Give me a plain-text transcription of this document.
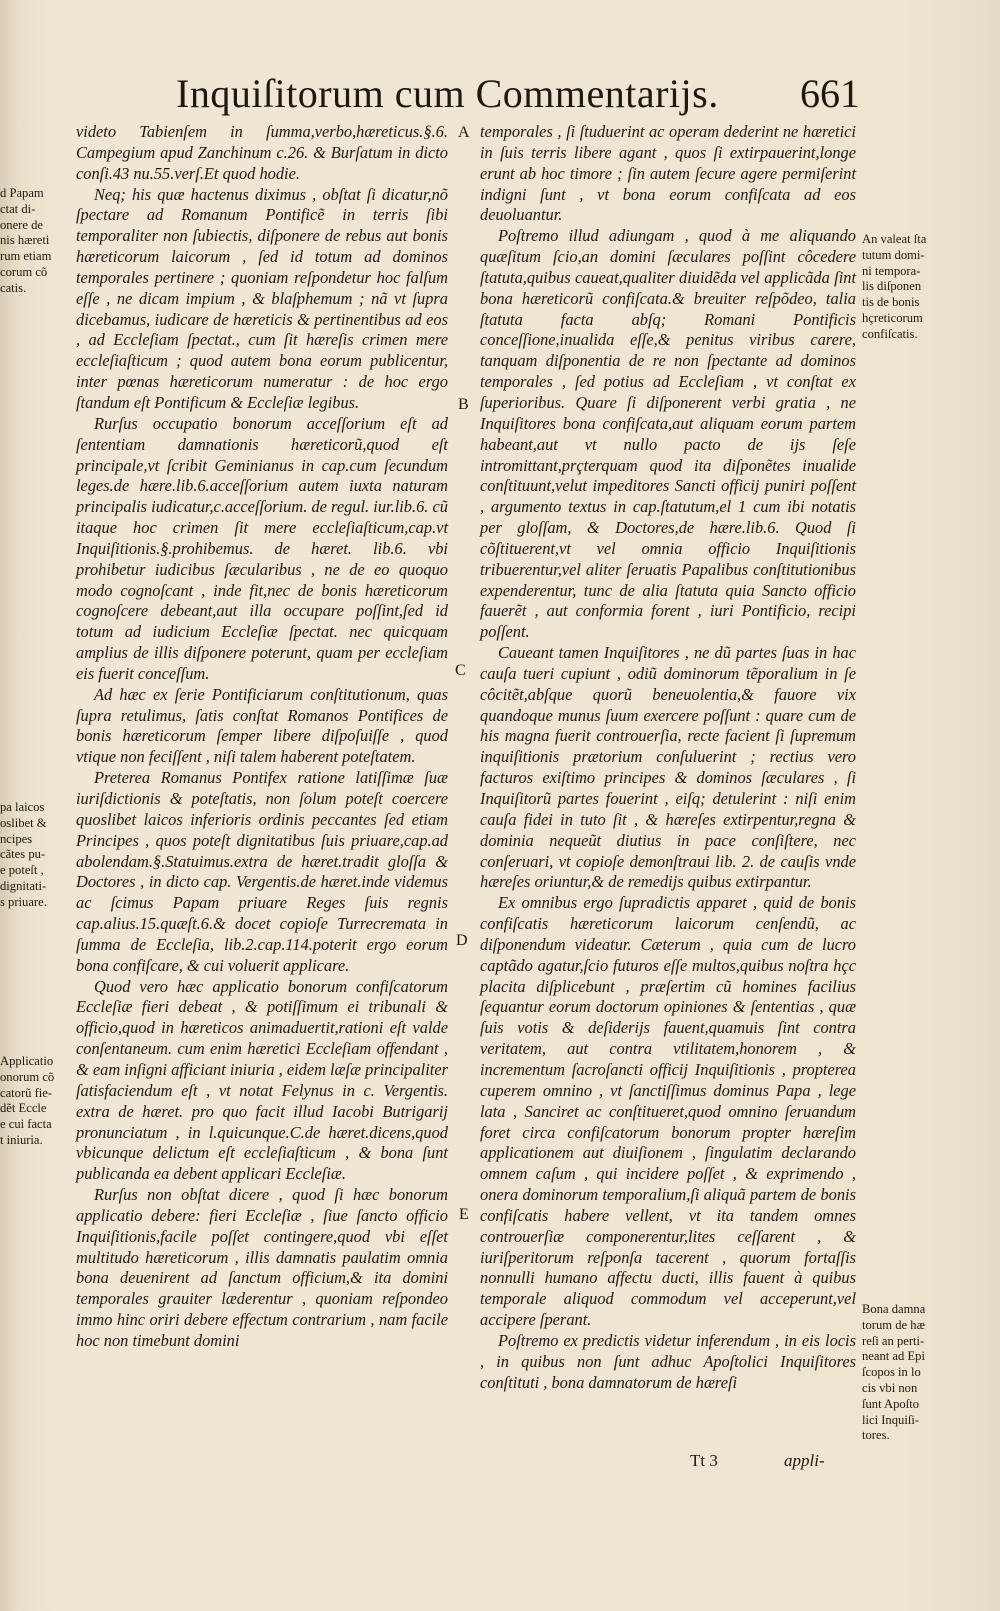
Inquiſitorum cum Commentarijs. 661
d Papam
ctat di-
onere de
nis hæreti
rum etiam
corum cõ
catis.
pa laicos
oslibet &
ncipes
cãtes pu-
e poteſt ,
dignitati-
s priuare.
Applicatio
onorum cõ
catorũ fie-
dẽt Eccle
e cui facta
t iniuria.
An valeat ſta
tutum domi-
ni tempora-
lis diſponen
tis de bonis
hçreticorum
confiſcatis.
Bona damna
torum de hæ
reſi an perti-
neant ad Epi
ſcopos in lo
cis vbi non
ſunt Apoſto
lici Inquiſi-
tores.
A
B
C
D
E

videto Tabienſem in ſumma,verbo,hæreticus.§.6. Campegium apud Zanchinum c.26. & Burſatum in dicto conſi.43 nu.55.verſ.Et quod hodie.

Neq; his quæ hactenus diximus , obſtat ſi dicatur,nõ ſpectare ad Romanum Pontificẽ in terris ſibi temporaliter non ſubiectis, diſponere de rebus aut bonis hæreticorum laicorum , ſed id totum ad dominos temporales pertinere ; quoniam reſpondetur hoc falſum eſſe , ne dicam impium , & blaſphemum ; nã vt ſupra dicebamus, iudicare de hæreticis & pertinentibus ad eos , ad Eccleſiam ſpectat., cum ſit hæreſis crimen mere eccleſiaſticum ; quod autem bona eorum publicentur, inter pœnas hæreticorum numeratur : de hoc ergo ſtandum eſt Pontificum & Eccleſiæ legibus.

Rurſus occupatio bonorum acceſſorium eſt ad ſententiam damnationis hæreticorũ,quod eſt principale,vt ſcribit Geminianus in cap.cum ſecundum leges.de hære.lib.6.acceſſorium autem iuxta naturam principalis iudicatur,c.acceſſorium. de regul. iur.lib.6. cũ itaque hoc crimen ſit mere eccleſiaſticum,cap.vt Inquiſitionis.§.prohibemus. de hæret. lib.6. vbi prohibetur iudicibus ſæcularibus , ne de eo quoquo modo cognoſcant , inde fit,nec de bonis hæreticorum cognoſcere debeant,aut illa occupare poſſint,ſed id totum ad iudicium Eccleſiæ ſpectat. nec quicquam amplius de illis diſponere poterunt, quam per eccleſiam eis fuerit conceſſum.

Ad hæc ex ſerie Pontificiarum conſtitutionum, quas ſupra retulimus, ſatis conſtat Romanos Pontifices de bonis hæreticorum ſemper libere diſpoſuiſſe , quod vtique non feciſſent , niſi talem haberent poteſtatem.

Preterea Romanus Pontifex ratione latiſſimæ ſuæ iuriſdictionis & poteſtatis, non ſolum poteſt coercere quoslibet laicos inferioris ordinis peccantes ſed etiam Principes , quos poteſt dignitatibus ſuis priuare,cap.ad abolendam.§.Statuimus.extra de hæret.tradit gloſſa & Doctores , in dicto cap. Vergentis.de hæret.inde videmus ac ſcimus Papam priuare Reges ſuis regnis cap.alius.15.quæſt.6.& docet copioſe Turrecremata in ſumma de Eccleſia, lib.2.cap.114.poterit ergo eorum bona confiſcare, & cui voluerit applicare.

Quod vero hæc applicatio bonorum confiſcatorum Eccleſiæ fieri debeat , & potiſſimum ei tribunali & officio,quod in hæreticos animaduertit,rationi eſt valde conſentaneum. cum enim hæretici Eccleſiam offendant , & eam inſigni afficiant iniuria , eidem læſæ principaliter ſatisfaciendum eſt , vt notat Felynus in c. Vergentis. extra de hæret. pro quo facit illud Iacobi Butrigarij pronunciatum , in l.quicunque.C.de hæret.dicens,quod vbicunque delictum eſt eccleſiaſticum , & bona ſunt publicanda ea debent applicari Eccleſiæ.

Rurſus non obſtat dicere , quod ſi hæc bonorum applicatio debere: fieri Eccleſiæ , ſiue ſancto officio Inquiſitionis,facile poſſet contingere,quod vbi eſſet multitudo hæreticorum , illis damnatis paulatim omnia bona deuenirent ad ſanctum officium,& ita domini temporales grauiter læderentur , quoniam reſpondeo immo hinc oriri debere effectum contrarium , nam facile hoc non timebunt domini

temporales , ſi ſtuduerint ac operam dederint ne hæretici in ſuis terris libere agant , quos ſi extirpauerint,longe erunt ab hoc timore ; ſin autem ſecure agere permiſerint indigni ſunt , vt bona eorum confiſcata ad eos deuoluantur.

Poſtremo illud adiungam , quod à me aliquando quæſitum ſcio,an domini ſæculares poſſint côcedere ſtatuta,quibus caueat,qualiter diuidẽda vel applicãda ſint bona hæreticorũ confiſcata.& breuiter reſpõdeo, talia ſtatuta facta abſq; Romani Pontificis conceſſione,inualida eſſe,& penitus viribus carere, tanquam diſponentia de re non ſpectante ad dominos temporales , ſed potius ad Eccleſiam , vt conſtat ex ſuperioribus. Quare ſi diſponerent verbi gratia , ne Inquiſitores bona confiſcata,aut aliquam eorum partem habeant,aut vt nullo pacto de ijs ſeſe intromittant,prçterquam quod ita diſponẽtes inualide conſtituunt,velut impeditores Sancti officij puniri poſſent , argumento textus in cap.ſtatutum,el 1 cum ibi notatis per gloſſam, & Doctores,de hære.lib.6. Quod ſi cõſtituerent,vt vel omnia officio Inquiſitionis tribuerentur,vel aliter ſeruatis Papalibus conſtitutionibus expenderentur, tunc de alia ſtatuta quia Sancto officio fauerẽt , aut conformia forent , iuri Pontificio, recipi poſſent.

Caueant tamen Inquiſitores , ne dũ partes ſuas in hac cauſa tueri cupiunt , odiũ dominorum tẽporalium in ſe côcitẽt,abſque quorũ beneuolentia,& fauore vix quandoque munus ſuum exercere poſſunt : quare cum de his magna fuerit controuerſia, recte facient ſi ſupremum inquiſitionis prætorium conſuluerint ; rectius vero facturos exiſtimo principes & dominos ſæculares , ſi Inquiſitorũ partes fouerint , eiſq; detulerint : niſi enim cauſa fidei in tuto ſit , & hæreſes extirpentur,regna & dominia nequeũt diutius in pace conſiſtere, nec conſeruari, vt copioſe demonſtraui lib. 2. de cauſis vnde hæreſes oriuntur,& de remedijs quibus extirpantur.

Ex omnibus ergo ſupradictis apparet , quid de bonis confiſcatis hæreticorum laicorum cenſendũ, ac diſponendum videatur. Cæterum , quia cum de lucro captãdo agatur,ſcio futuros eſſe multos,quibus noſtra hçc placita diſplicebunt , præſertim cũ homines facilius ſequantur eorum doctorum opiniones & ſententias , quæ ſuis votis & deſiderijs fauent,quamuis ſint contra veritatem, aut contra vtilitatem,honorem , & incrementum ſacroſancti officij Inquiſitionis , propterea cuperem omnino , vt ſanctiſſimus dominus Papa , lege lata , Sanciret ac conſtitueret,quod omnino ſeruandum foret circa confiſcatorum bonorum propter hæreſim applicationem aut diuiſionem , ſingulatim declarando omnem caſum , qui incidere poſſet , & exprimendo , onera dominorum temporalium,ſi aliquã partem de bonis confiſcatis habere vellent, vt ita tandem omnes controuerſiæ componerentur,lites ceſſarent , & iuriſperitorum reſponſa tacerent , quorum fortaſſis nonnulli humano affectu ducti, illis fauent à quibus temporale aliquod commodum vel acceperunt,vel accipere ſperant.

Poſtremo ex predictis videtur inferendum , in eis locis , in quibus non ſunt adhuc Apoſtolici Inquiſitores conſtituti , bona damnatorum de hæreſi

Tt 3	appli-
